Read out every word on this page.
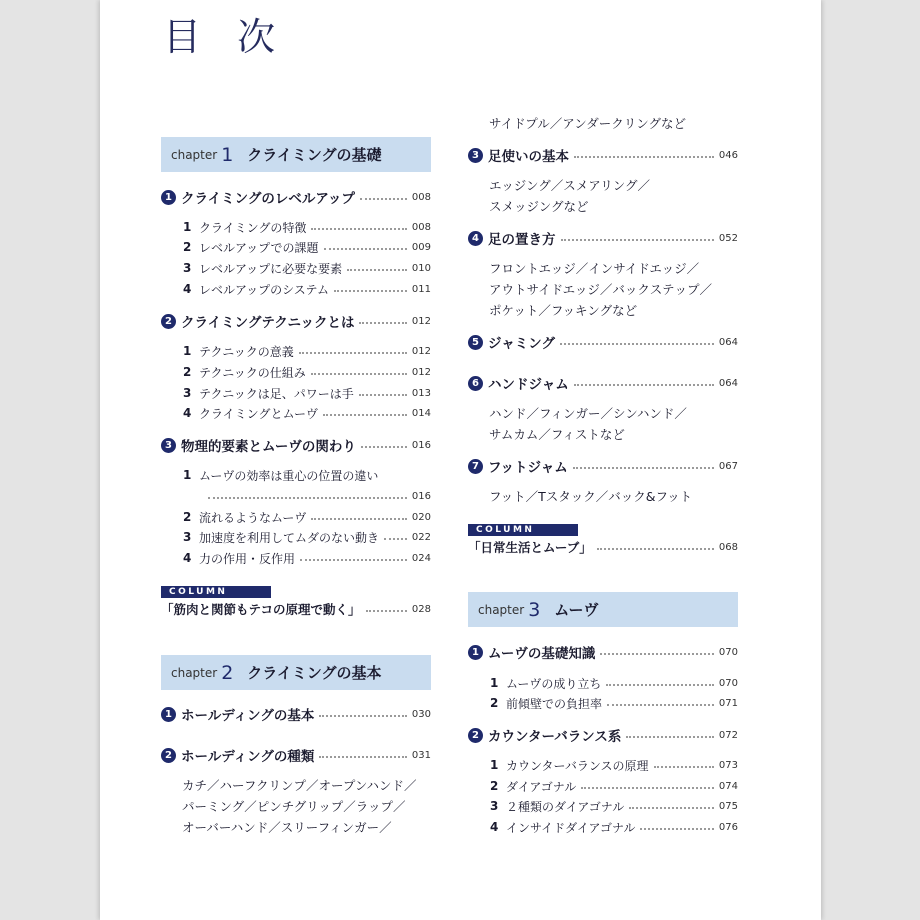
目 次
chapter 1 クライミングの基礎
1 クライミングのレベルアップ	008
1 クライミングの特徴	008
2 レベルアップでの課題	009
3 レベルアップに必要な要素	010
4 レベルアップのシステム	011
2 クライミングテクニックとは	012
1 テクニックの意義	012
2 テクニックの仕組み	012
3 テクニックは足、パワーは手	013
4 クライミングとムーヴ	014
3 物理的要素とムーヴの関わり	016
1 ムーヴの効率は重心の位置の違い
016
2 流れるようなムーヴ	020
3 加速度を利用してムダのない動き	022
4 力の作用・反作用	024
COLUMN
「筋肉と関節もテコの原理で動く」	028
chapter 2 クライミングの基本
1 ホールディングの基本	030
2 ホールディングの種類	031
カチ／ハーフクリンプ／オープンハンド／
パーミング／ピンチグリップ／ラップ／
オーバーハンド／スリーフィンガー／
サイドプル／アンダークリングなど
3 足使いの基本	046
エッジング／スメアリング／
スメッジングなど
4 足の置き方	052
フロントエッジ／インサイドエッジ／
アウトサイドエッジ／バックステップ／
ポケット／フッキングなど
5 ジャミング	064
6 ハンドジャム	064
ハンド／フィンガー／シンハンド／
サムカム／フィストなど
7 フットジャム	067
フット／Tスタック／バック&フット
COLUMN
「日常生活とムーブ」	068
chapter 3 ムーヴ
1 ムーヴの基礎知識	070
1 ムーヴの成り立ち	070
2 前傾壁での負担率	071
2 カウンターバランス系	072
1 カウンターバランスの原理	073
2 ダイアゴナル	074
3 ２種類のダイアゴナル	075
4 インサイドダイアゴナル	076
